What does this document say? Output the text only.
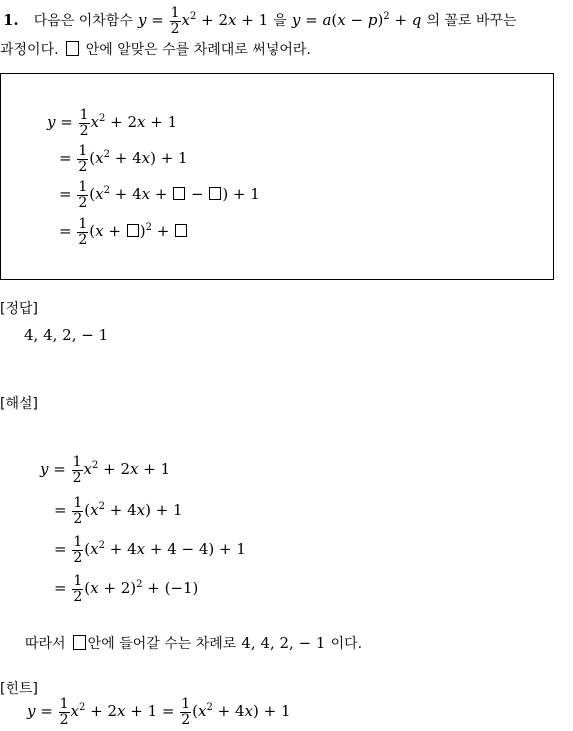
1. 다음은 이차함수 $y = \frac{1}{2} x^2 + 2x + 1$ 을 $y = a(x - p)^2 + q$ 의 꼴로 바꾸는
과정이다. 안에 알맞은 수를 차례대로 써넣어라.
$y = \frac{1}{2} x^2 + 2x + 1$
= $\frac{1}{2} (x^2 + 4x) + 1$
= $\frac{1}{2} (x^2 + 4x$ +  − ) + 1
= $\frac{1}{2} (x + )^2$ +
[정답]
4, 4, 2, − 1
[해설]
$y = \frac{1}{2} x^2 + 2x + 1$
= $\frac{1}{2} (x^2 + 4x) + 1$
= $\frac{1}{2} (x^2 + 4x + 4 - 4) + 1$
= $\frac{1}{2} (x + 2)^2 + (-1)$
따라서 안에 들어갈 수는 차례로 4, 4, 2, − 1 이다.
[힌트]
$y = \frac{1}{2} x^2 + 2x + 1 = \frac{1}{2} (x^2 + 4x) + 1$
